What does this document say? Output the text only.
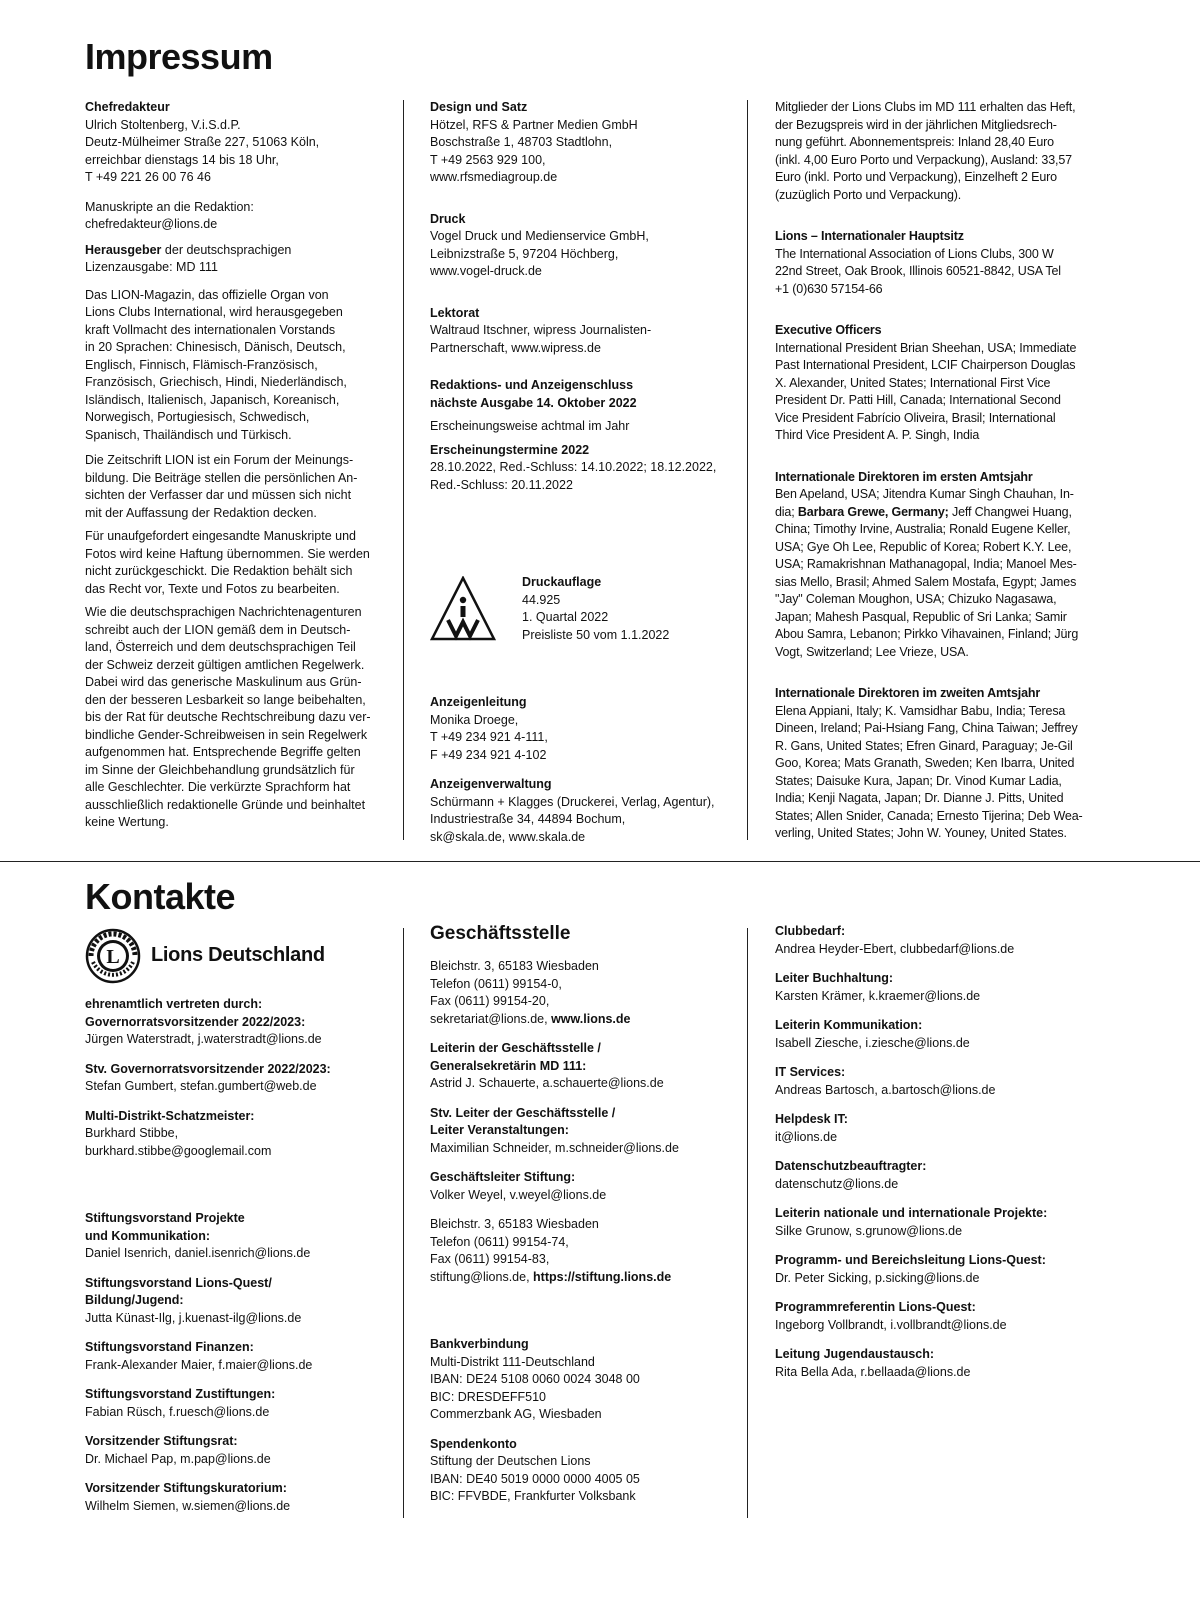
Impressum
Chefredakteur
Ulrich Stoltenberg, V.i.S.d.P.
Deutz-Mülheimer Straße 227, 51063 Köln,
erreichbar dienstags 14 bis 18 Uhr,
T +49 221 26 00 76 46
Manuskripte an die Redaktion:
chefredakteur@lions.de
Herausgeber der deutschsprachigen
Lizenzausgabe: MD 111
Das LION-Magazin, das offizielle Organ von
Lions Clubs International, wird herausgegeben
kraft Vollmacht des internationalen Vorstands
in 20 Sprachen: Chinesisch, Dänisch, Deutsch,
Englisch, Finnisch, Flämisch-Französisch,
Französisch, Griechisch, Hindi, Niederländisch,
Isländisch, Italienisch, Japanisch, Koreanisch,
Norwegisch, Portugiesisch, Schwedisch,
Spanisch, Thailändisch und Türkisch.
Die Zeitschrift LION ist ein Forum der Meinungs-
bildung. Die Beiträge stellen die persönlichen An-
sichten der Verfasser dar und müssen sich nicht
mit der Auffassung der Redaktion decken.
Für unaufgefordert eingesandte Manuskripte und
Fotos wird keine Haftung übernommen. Sie werden
nicht zurückgeschickt. Die Redaktion behält sich
das Recht vor, Texte und Fotos zu bearbeiten.
Wie die deutschsprachigen Nachrichtenagenturen
schreibt auch der LION gemäß dem in Deutsch-
land, Österreich und dem deutschsprachigen Teil
der Schweiz derzeit gültigen amtlichen Regelwerk.
Dabei wird das generische Maskulinum aus Grün-
den der besseren Lesbarkeit so lange beibehalten,
bis der Rat für deutsche Rechtschreibung dazu ver-
bindliche Gender-Schreibweisen in sein Regelwerk
aufgenommen hat. Entsprechende Begriffe gelten
im Sinne der Gleichbehandlung grundsätzlich für
alle Geschlechter. Die verkürzte Sprachform hat
ausschließlich redaktionelle Gründe und beinhaltet
keine Wertung.
Design und Satz
Hötzel, RFS & Partner Medien GmbH
Boschstraße 1, 48703 Stadtlohn,
T +49 2563 929 100,
www.rfsmediagroup.de
Druck
Vogel Druck und Medienservice GmbH,
Leibnizstraße 5, 97204 Höchberg,
www.vogel-druck.de
Lektorat
Waltraud Itschner, wipress Journalisten-
Partnerschaft, www.wipress.de
Redaktions- und Anzeigenschluss
nächste Ausgabe 14. Oktober 2022
Erscheinungsweise achtmal im Jahr
Erscheinungstermine 2022
28.10.2022, Red.-Schluss: 14.10.2022; 18.12.2022,
Red.-Schluss: 20.11.2022
Druckauflage
44.925
1. Quartal 2022
Preisliste 50 vom 1.1.2022
Anzeigenleitung
Monika Droege,
T +49 234 921 4-111,
F +49 234 921 4-102
Anzeigenverwaltung
Schürmann + Klagges (Druckerei, Verlag, Agentur),
Industriestraße 34, 44894 Bochum,
sk@skala.de, www.skala.de
Mitglieder der Lions Clubs im MD 111 erhalten das Heft,
der Bezugspreis wird in der jährlichen Mitgliedsrech-
nung geführt. Abonnementspreis: Inland 28,40 Euro
(inkl. 4,00 Euro Porto und Verpackung), Ausland: 33,57
Euro (inkl. Porto und Verpackung), Einzelheft 2 Euro
(zuzüglich Porto und Verpackung).
Lions – Internationaler Hauptsitz
The International Association of Lions Clubs, 300 W
22nd Street, Oak Brook, Illinois 60521-8842, USA Tel
+1 (0)630 57154-66
Executive Officers
International President Brian Sheehan, USA; Immediate
Past International President, LCIF Chairperson Douglas
X. Alexander, United States; International First Vice
President Dr. Patti Hill, Canada; International Second
Vice President Fabrício Oliveira, Brasil; International
Third Vice President A. P. Singh, India
Internationale Direktoren im ersten Amtsjahr
Ben Apeland, USA; Jitendra Kumar Singh Chauhan, In-
dia; Barbara Grewe, Germany; Jeff Changwei Huang,
China; Timothy Irvine, Australia; Ronald Eugene Keller,
USA; Gye Oh Lee, Republic of Korea; Robert K.Y. Lee,
USA; Ramakrishnan Mathanagopal, India; Manoel Mes-
sias Mello, Brasil; Ahmed Salem Mostafa, Egypt; James
"Jay" Coleman Moughon, USA; Chizuko Nagasawa,
Japan; Mahesh Pasqual, Republic of Sri Lanka; Samir
Abou Samra, Lebanon; Pirkko Vihavainen, Finland; Jürg
Vogt, Switzerland; Lee Vrieze, USA.
Internationale Direktoren im zweiten Amtsjahr
Elena Appiani, Italy; K. Vamsidhar Babu, India; Teresa
Dineen, Ireland; Pai-Hsiang Fang, China Taiwan; Jeffrey
R. Gans, United States; Efren Ginard, Paraguay; Je-Gil
Goo, Korea; Mats Granath, Sweden; Ken Ibarra, United
States; Daisuke Kura, Japan; Dr. Vinod Kumar Ladia,
India; Kenji Nagata, Japan; Dr. Dianne J. Pitts, United
States; Allen Snider, Canada; Ernesto Tijerina; Deb Wea-
verling, United States; John W. Youney, United States.
Kontakte
L Lions Deutschland
ehrenamtlich vertreten durch:
Governorratsvorsitzender 2022/2023:
Jürgen Waterstradt, j.waterstradt@lions.de
Stv. Governorratsvorsitzender 2022/2023:
Stefan Gumbert, stefan.gumbert@web.de
Multi-Distrikt-Schatzmeister:
Burkhard Stibbe,
burkhard.stibbe@googlemail.com
Stiftungsvorstand Projekte
und Kommunikation:
Daniel Isenrich, daniel.isenrich@lions.de
Stiftungsvorstand Lions-Quest/
Bildung/Jugend:
Jutta Künast-Ilg, j.kuenast-ilg@lions.de
Stiftungsvorstand Finanzen:
Frank-Alexander Maier, f.maier@lions.de
Stiftungsvorstand Zustiftungen:
Fabian Rüsch, f.ruesch@lions.de
Vorsitzender Stiftungsrat:
Dr. Michael Pap, m.pap@lions.de
Vorsitzender Stiftungskuratorium:
Wilhelm Siemen, w.siemen@lions.de
Geschäftsstelle
Bleichstr. 3, 65183 Wiesbaden
Telefon (0611) 99154-0,
Fax (0611) 99154-20,
sekretariat@lions.de, www.lions.de
Leiterin der Geschäftsstelle /
Generalsekretärin MD 111:
Astrid J. Schauerte, a.schauerte@lions.de
Stv. Leiter der Geschäftsstelle /
Leiter Veranstaltungen:
Maximilian Schneider, m.schneider@lions.de
Geschäftsleiter Stiftung:
Volker Weyel, v.weyel@lions.de
Bleichstr. 3, 65183 Wiesbaden
Telefon (0611) 99154-74,
Fax (0611) 99154-83,
stiftung@lions.de, https://stiftung.lions.de
Bankverbindung
Multi-Distrikt 111-Deutschland
IBAN: DE24 5108 0060 0024 3048 00
BIC: DRESDEFF510
Commerzbank AG, Wiesbaden
Spendenkonto
Stiftung der Deutschen Lions
IBAN: DE40 5019 0000 0000 4005 05
BIC: FFVBDE, Frankfurter Volksbank
Clubbedarf:
Andrea Heyder-Ebert, clubbedarf@lions.de
Leiter Buchhaltung:
Karsten Krämer, k.kraemer@lions.de
Leiterin Kommunikation:
Isabell Ziesche, i.ziesche@lions.de
IT Services:
Andreas Bartosch, a.bartosch@lions.de
Helpdesk IT:
it@lions.de
Datenschutzbeauftragter:
datenschutz@lions.de
Leiterin nationale und internationale Projekte:
Silke Grunow, s.grunow@lions.de
Programm- und Bereichsleitung Lions-Quest:
Dr. Peter Sicking, p.sicking@lions.de
Programmreferentin Lions-Quest:
Ingeborg Vollbrandt, i.vollbrandt@lions.de
Leitung Jugendaustausch:
Rita Bella Ada, r.bellaada@lions.de
